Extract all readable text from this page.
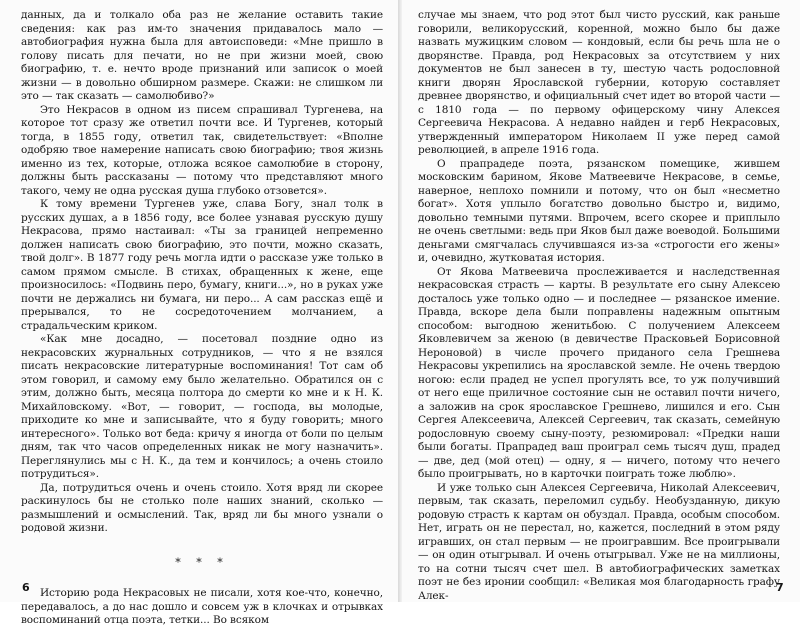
данных, да и толкало оба раз не желание оставить такие сведения: как раз им-то значения придавалось мало — автобиография нужна была для автоисповеди: «Мне пришло в голову писать для печати, но не при жизни моей, свою биографию, т. е. нечто вроде признаний или записок о моей жизни — в довольно обширном размере. Скажи: не слишком ли это — так сказать — самолюбиво?»

Это Некрасов в одном из писем спрашивал Тургенева, на которое тот сразу же ответил почти все. И Тургенев, который тогда, в 1855 году, ответил так, свидетельствует: «Вполне одобряю твое намерение написать свою биографию; твоя жизнь именно из тех, которые, отложа всякое самолюбие в сторону, должны быть рассказаны — потому что представляют много такого, чему не одна русская душа глубоко отзовется».

К тому времени Тургенев уже, слава Богу, знал толк в русских душах, а в 1856 году, все более узнавая русскую душу Некрасова, прямо настаивал: «Ты за границей непременно должен написать свою биографию, это почти, можно сказать, твой долг». В 1877 году речь могла идти о рассказе уже только в самом прямом смысле. В стихах, обращенных к жене, еще произносилось: «Подвинь перо, бумагу, книги...», но в руках уже почти не держались ни бумага, ни перо... А сам рассказ ещё и прерывался, то не сосредоточением молчанием, а страдальческим криком.

«Как мне досадно, — посетовал поздние одно из некрасовских журнальных сотрудников, — что я не взялся писать некрасовские литературные воспоминания! Тот сам об этом говорил, и самому ему было желательно. Обратился он с этим, должно быть, месяца полтора до смерти ко мне и к Н. К. Михайловскому. «Вот, — говорит, — господа, вы молодые, приходите ко мне и записывайте, что я буду говорить; много интересного». Только вот беда: кричу я иногда от боли по целым дням, так что часов определенных никак не могу назначить». Переглянулись мы с Н. К., да тем и кончилось; а очень стоило потрудиться».

Да, потрудиться очень и очень стоило. Хотя вряд ли скорее раскинулось бы не столько поле наших знаний, сколько — размышлений и осмыслений. Так, вряд ли бы много узнали о родовой жизни.

* * *

Историю рода Некрасовых не писали, хотя кое-что, конечно, передавалось, а до нас дошло и совсем уж в клочках и отрывках воспоминаний отца поэта, тетки... Во всяком

случае мы знаем, что род этот был чисто русский, как раньше говорили, великорусский, коренной, можно было бы даже назвать мужицким словом — кондовый, если бы речь шла не о дворянстве. Правда, род Некрасовых за отсутствием у них документов не был занесен в ту, шестую часть родословной книги дворян Ярославской губернии, которую составляет древнее дворянство, и официальный счет идет во второй части — с 1810 года — по первому офицерскому чину Алексея Сергеевича Некрасова. А недавно найден и герб Некрасовых, утвержденный императором Николаем II уже перед самой революцией, в апреле 1916 года.

О прапрадеде поэта, рязанском помещике, жившем московским барином, Якове Матвеевиче Некрасове, в семье, наверное, неплохо помнили и потому, что он был «несметно богат». Хотя уплыло богатство довольно быстро и, видимо, довольно темными путями. Впрочем, всего скорее и приплыло не очень светлыми: ведь при Яков был даже воеводой. Большими деньгами смягчалась случившаяся из-за «строгости его жены» и, очевидно, жутковатая история.

От Якова Матвеевича прослеживается и наследственная некрасовская страсть — карты. В результате его сыну Алексею досталось уже только одно — и последнее — рязанское имение. Правда, вскоре дела были поправлены надежным опытным способом: выгодною женитьбою. С получением Алексеем Яковлевичем за женою (в девичестве Прасковьей Борисовной Нероновой) в числе прочего приданого села Грешнева Некрасовы укрепились на ярославской земле. Не очень твердою ногою: если прадед не успел прогулять все, то уж получивший от него еще приличное состояние сын не оставил почти ничего, а заложив на срок ярославское Грешнево, лишился и его. Сын Сергея Алексеевича, Алексей Сергеевич, так сказать, семейную родословную своему сыну-поэту, резюмировал: «Предки наши были богаты. Прапрадед ваш проиграл семь тысяч душ, прадед — две, дед (мой отец) — одну, я — ничего, потому что нечего было проигрывать, но в карточки поиграть тоже люблю».

И уже только сын Алексея Сергеевича, Николай Алексеевич, первым, так сказать, переломил судьбу. Необузданную, дикую родовую страсть к картам он обуздал. Правда, особым способом. Нет, играть он не перестал, но, кажется, последний в этом ряду игравших, он стал первым — не проигравшим. Все проигрывали — он один отыгрывал. И очень отыгрывал. Уже не на миллионы, то на сотни тысяч счет шел. В автобиографических заметках поэт не без иронии сообщил: «Великая моя благодарность графу Алек-

6	7
